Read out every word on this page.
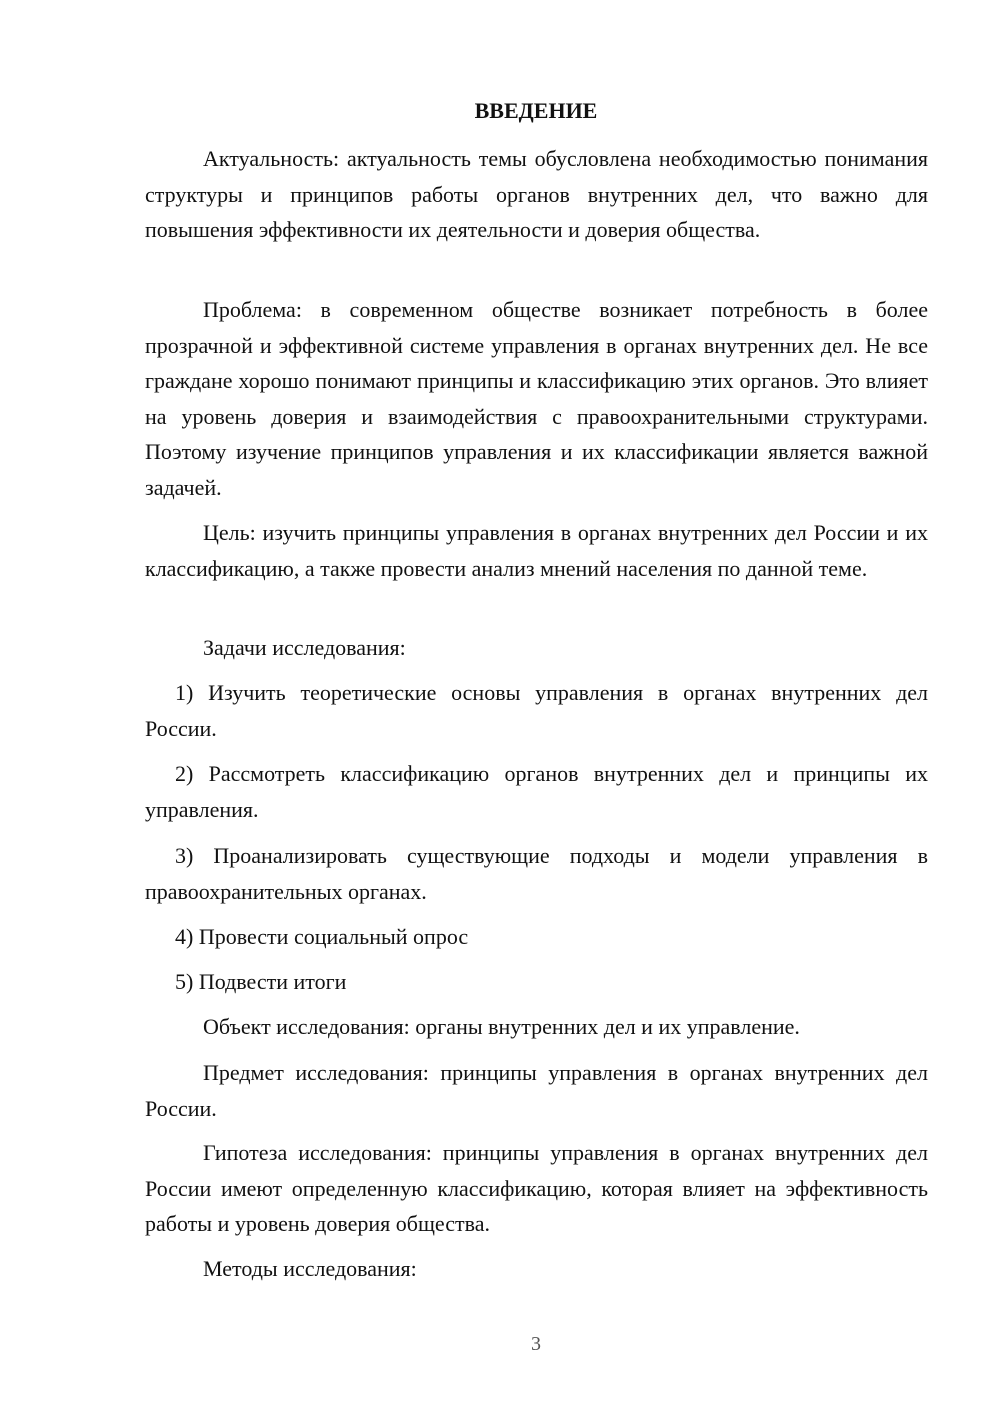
ВВЕДЕНИЕ

Актуальность: актуальность темы обусловлена необходимостью понимания структуры и принципов работы органов внутренних дел, что важно для повышения эффективности их деятельности и доверия общества.

Проблема: в современном обществе возникает потребность в более прозрачной и эффективной системе управления в органах внутренних дел. Не все граждане хорошо понимают принципы и классификацию этих органов. Это влияет на уровень доверия и взаимодействия с правоохранительными структурами. Поэтому изучение принципов управления и их классификации является важной задачей.

Цель: изучить принципы управления в органах внутренних дел России и их классификацию, а также провести анализ мнений населения по данной теме.

Задачи исследования:

1) Изучить теоретические основы управления в органах внутренних дел России.

2) Рассмотреть классификацию органов внутренних дел и принципы их управления.

3) Проанализировать существующие подходы и модели управления в правоохранительных органах.

4) Провести социальный опрос

5) Подвести итоги

Объект исследования: органы внутренних дел и их управление.

Предмет исследования: принципы управления в органах внутренних дел России.

Гипотеза исследования: принципы управления в органах внутренних дел России имеют определенную классификацию, которая влияет на эффективность работы и уровень доверия общества.

Методы исследования:

3
